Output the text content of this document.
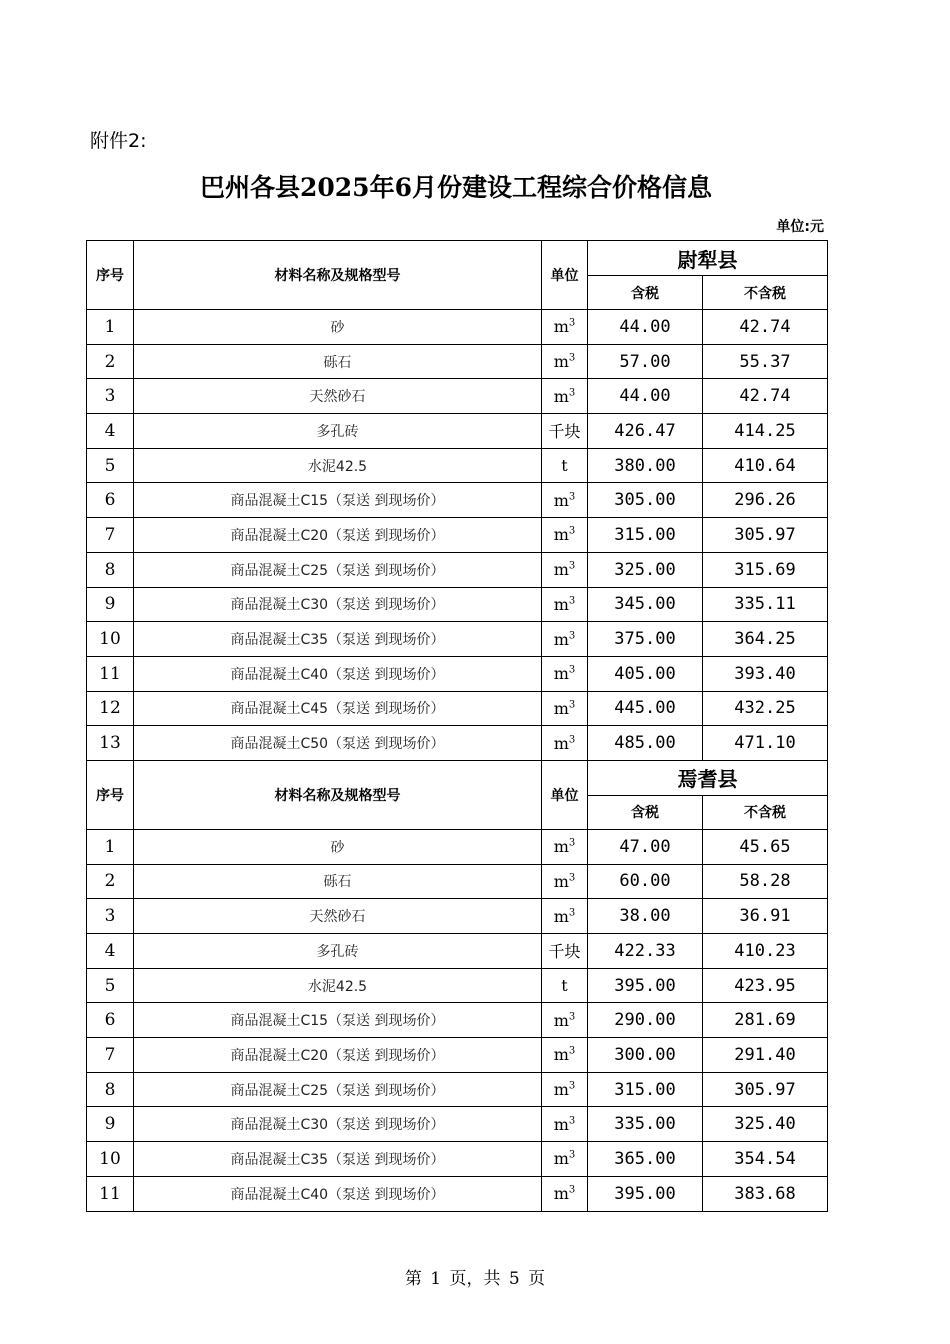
附件2:
巴州各县2025年6月份建设工程综合价格信息
单位:元
序号	材料名称及规格型号	单位	尉犁县	
			含税	不含税
1	砂	$m^3$	44.00	42.74
2	砾石	$m^3$	57.00	55.37
3	天然砂石	$m^3$	44.00	42.74
4	多孔砖	千块	426.47	414.25
5	水泥42.5	t	380.00	410.64
6	商品混凝土C15（泵送 到现场价）	$m^3$	305.00	296.26
7	商品混凝土C20（泵送 到现场价）	$m^3$	315.00	305.97
8	商品混凝土C25（泵送 到现场价）	$m^3$	325.00	315.69
9	商品混凝土C30（泵送 到现场价）	$m^3$	345.00	335.11
10	商品混凝土C35（泵送 到现场价）	$m^3$	375.00	364.25
11	商品混凝土C40（泵送 到现场价）	$m^3$	405.00	393.40
12	商品混凝土C45（泵送 到现场价）	$m^3$	445.00	432.25
13	商品混凝土C50（泵送 到现场价）	$m^3$	485.00	471.10
序号	材料名称及规格型号	单位	焉耆县	
			含税	不含税
1	砂	$m^3$	47.00	45.65
2	砾石	$m^3$	60.00	58.28
3	天然砂石	$m^3$	38.00	36.91
4	多孔砖	千块	422.33	410.23
5	水泥42.5	t	395.00	423.95
6	商品混凝土C15（泵送 到现场价）	$m^3$	290.00	281.69
7	商品混凝土C20（泵送 到现场价）	$m^3$	300.00	291.40
8	商品混凝土C25（泵送 到现场价）	$m^3$	315.00	305.97
9	商品混凝土C30（泵送 到现场价）	$m^3$	335.00	325.40
10	商品混凝土C35（泵送 到现场价）	$m^3$	365.00	354.54
11	商品混凝土C40（泵送 到现场价）	$m^3$	395.00	383.68
第 1 页，共 5 页
